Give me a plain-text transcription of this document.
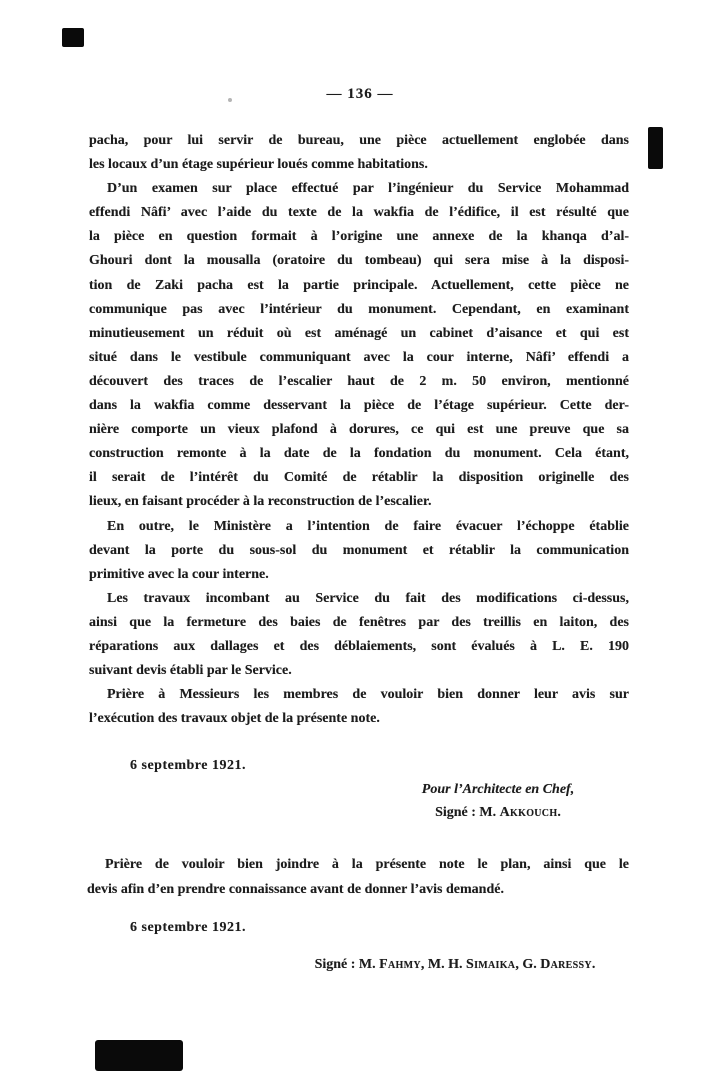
— 136 —
pacha, pour lui servir de bureau, une pièce actuellement englobée dans
les locaux d’un étage supérieur loués comme habitations.
D’un examen sur place effectué par l’ingénieur du Service Mohammad
effendi Nâfi’ avec l’aide du texte de la wakfia de l’édifice, il est résulté que
la pièce en question formait à l’origine une annexe de la khanqa d’al-
Ghouri dont la mousalla (oratoire du tombeau) qui sera mise à la disposi-
tion de Zaki pacha est la partie principale. Actuellement, cette pièce ne
communique pas avec l’intérieur du monument. Cependant, en examinant
minutieusement un réduit où est aménagé un cabinet d’aisance et qui est
situé dans le vestibule communiquant avec la cour interne, Nâfi’ effendi a
découvert des traces de l’escalier haut de 2 m. 50 environ, mentionné
dans la wakfia comme desservant la pièce de l’étage supérieur. Cette der-
nière comporte un vieux plafond à dorures, ce qui est une preuve que sa
construction remonte à la date de la fondation du monument. Cela étant,
il serait de l’intérêt du Comité de rétablir la disposition originelle des
lieux, en faisant procéder à la reconstruction de l’escalier.
En outre, le Ministère a l’intention de faire évacuer l’échoppe établie
devant la porte du sous-sol du monument et rétablir la communication
primitive avec la cour interne.
Les travaux incombant au Service du fait des modifications ci-dessus,
ainsi que la fermeture des baies de fenêtres par des treillis en laiton, des
réparations aux dallages et des déblaiements, sont évalués à L. E. 190
suivant devis établi par le Service.
Prière à Messieurs les membres de vouloir bien donner leur avis sur
l’exécution des travaux objet de la présente note.
6 septembre 1921.
Pour l’Architecte en Chef,
Signé : M. Akkouch.
Prière de vouloir bien joindre à la présente note le plan, ainsi que le
devis afin d’en prendre connaissance avant de donner l’avis demandé.
6 septembre 1921.
Signé : M. Fahmy, M. H. Simaika, G. Daressy.
